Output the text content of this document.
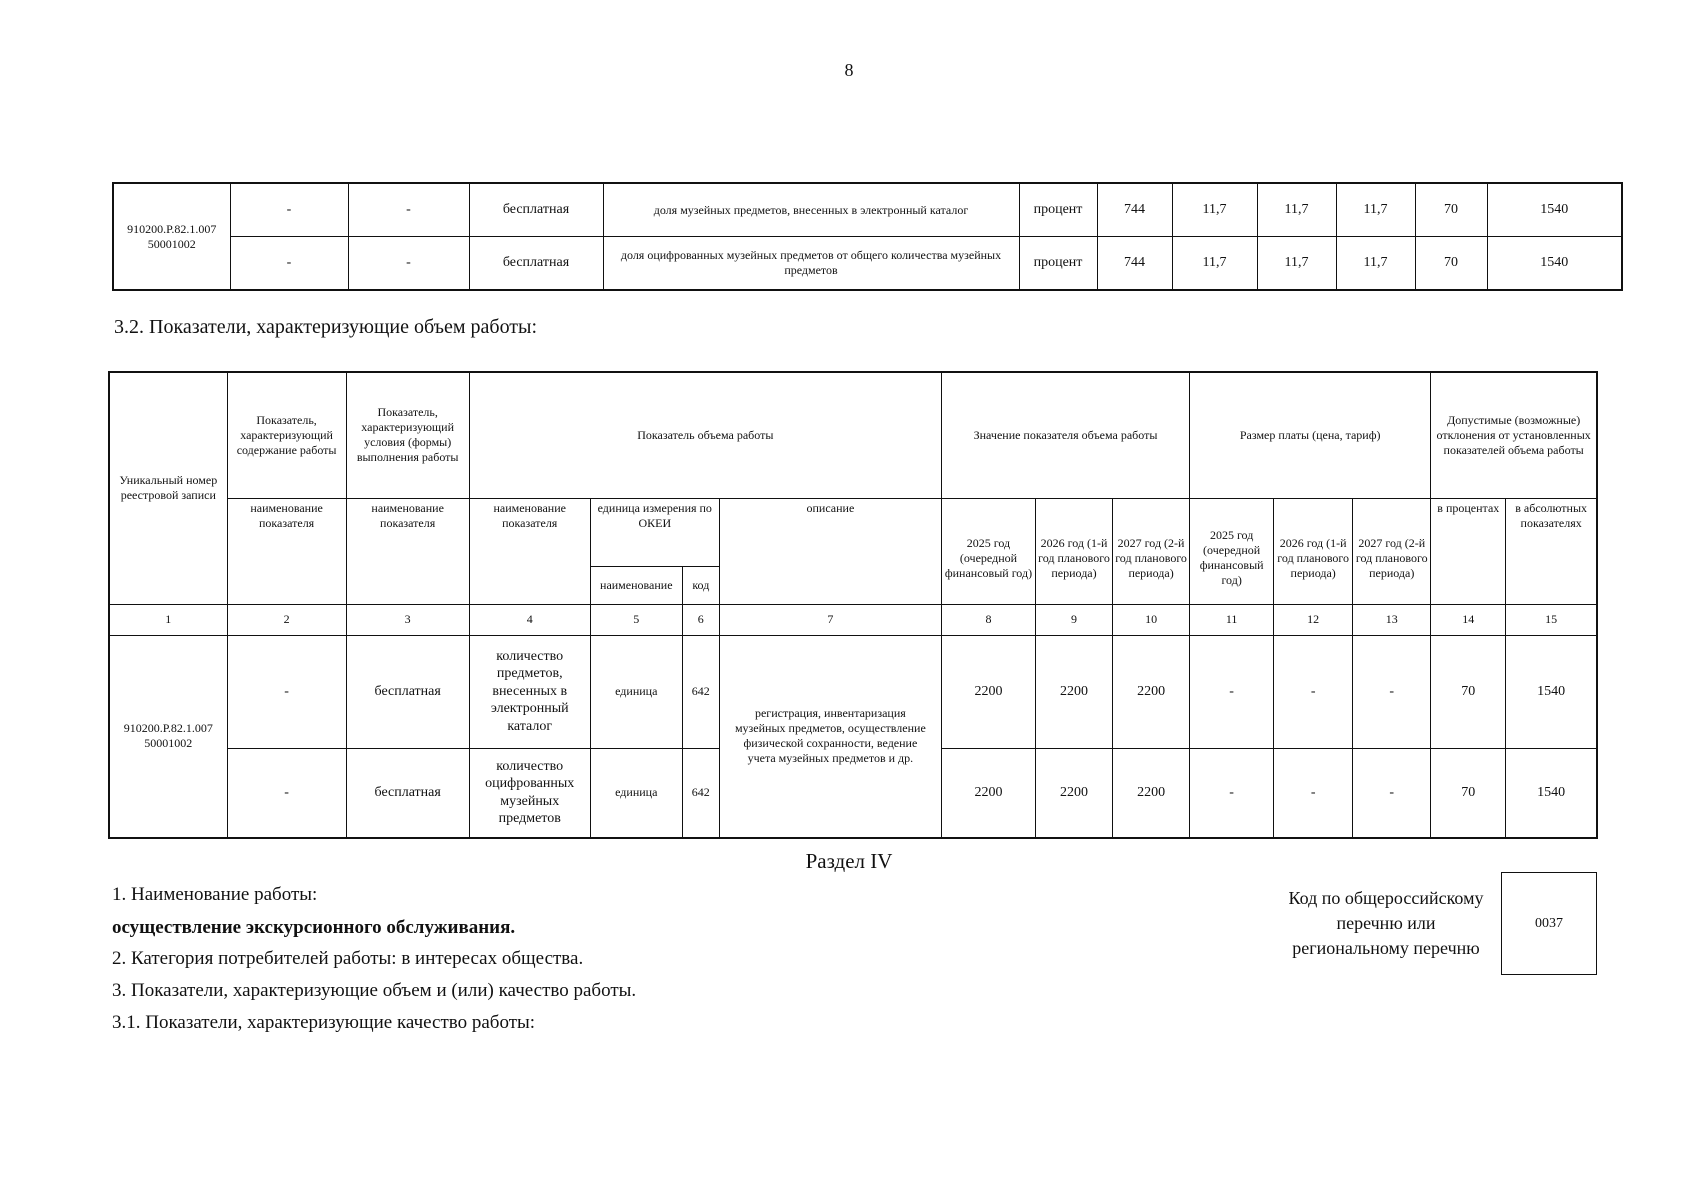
8
910200.Р.82.1.007 50001002	-	-	бесплатная	доля музейных предметов, внесенных в электронный каталог	процент	744	11,7	11,7	11,7	70	1540
	-	-	бесплатная	доля оцифрованных музейных предметов от общего количества музейных предметов	процент	744	11,7	11,7	11,7	70	1540
3.2. Показатели, характеризующие объем работы:
Уникальный номер реестровой записи	Показатель, характеризующий содержание работы	Показатель, характеризующий условия (формы) выполнения работы	Показатель объема работы				Значение показателя объема работы			Размер платы (цена, тариф)			Допустимые (возможные) отклонения от установленных показателей объема работы	
	наименование показателя	наименование показателя	наименование показателя	единица измерения по ОКЕИ		описание	2025 год (очередной финансовый год)	2026 год (1-й год планового периода)	2027 год (2-й год планового периода)	2025 год (очередной финансовый год)	2026 год (1-й год планового периода)	2027 год (2-й год планового периода)	в процентах	в абсолютных показателях
				наименование	код									
1	2	3	4	5	6	7	8	9	10	11	12	13	14	15
910200.Р.82.1.007 50001002	-	бесплатная	количество предметов, внесенных в электронный каталог	единица	642	регистрация, инвентаризация музейных предметов, осуществление физической сохранности, ведение учета музейных предметов и др.	2200	2200	2200	-	-	-	70	1540
	-	бесплатная	количество оцифрованных музейных предметов	единица	642		2200	2200	2200	-	-	-	70	1540
Раздел IV
1. Наименование работы:
осуществление экскурсионного обслуживания.
2. Категория потребителей работы: в интересах общества.
3. Показатели, характеризующие объем и (или) качество работы.
3.1. Показатели, характеризующие качество работы:
Код по общероссийскому
перечню или
региональному перечню
0037
